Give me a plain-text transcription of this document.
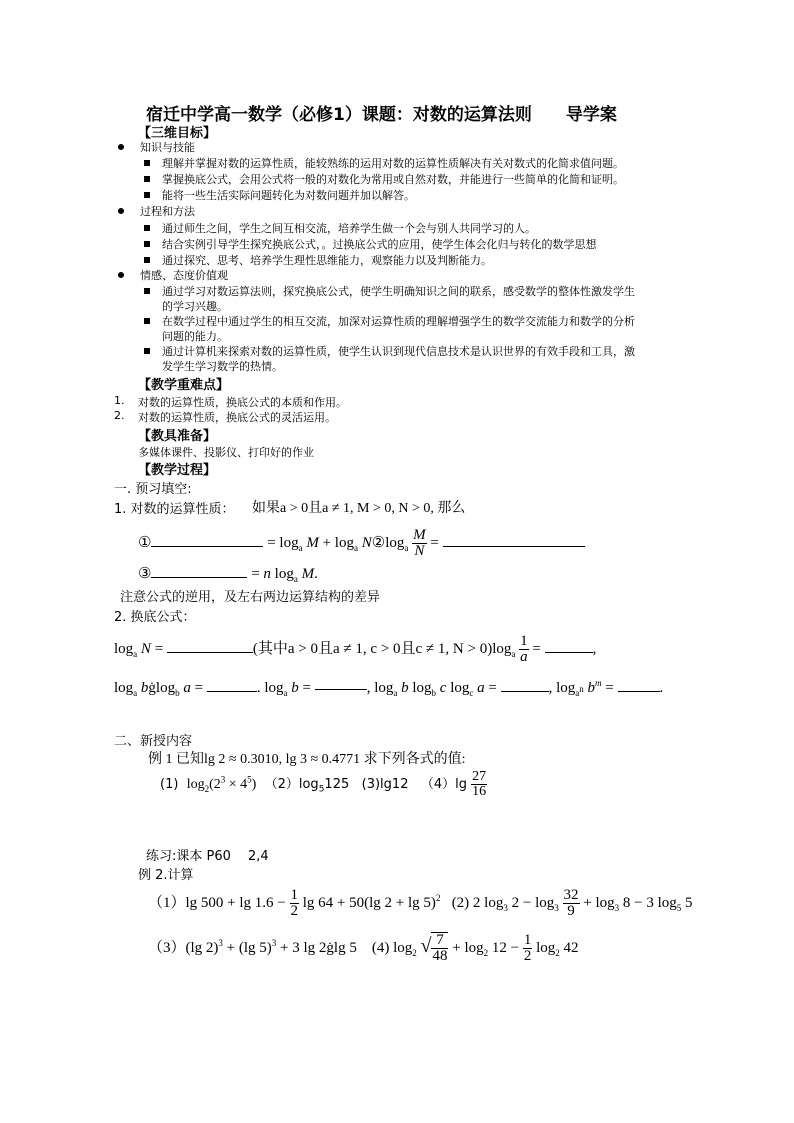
宿迁中学高一数学（必修1）课题：对数的运算法则　　导学案
【三维目标】
知识与技能
理解并掌握对数的运算性质，能较熟练的运用对数的运算性质解决有关对数式的化简求值问题。
掌握换底公式，会用公式将一般的对数化为常用或自然对数，并能进行一些简单的化简和证明。
能将一些生活实际问题转化为对数问题并加以解答。
过程和方法
通过师生之间，学生之间互相交流，培养学生做一个会与别人共同学习的人。
结合实例引导学生探究换底公式，。过换底公式的应用，使学生体会化归与转化的数学思想
通过探究、思考、培养学生理性思维能力，观察能力以及判断能力。
情感、态度价值观
通过学习对数运算法则，探究换底公式，使学生明确知识之间的联系，感受数学的整体性激发学生
的学习兴趣。
在数学过程中通过学生的相互交流，加深对运算性质的理解增强学生的数学交流能力和数学的分析
问题的能力。
通过计算机来探索对数的运算性质，使学生认识到现代信息技术是认识世界的有效手段和工具，激
发学生学习数学的热情。
【教学重难点】
1. 对数的运算性质，换底公式的本质和作用。
2. 对数的运算性质，换底公式的灵活运用。
【教具准备】
多媒体课件、投影仪、打印好的作业
【教学过程】
一. 预习填空:
1. 对数的运算性质： 如果a > 0且a ≠ 1, M > 0, N > 0, 那么
①	= $\log_a M + \log_a$ $N②\log_a \frac{M}{N}$ =
③	= n $\log_a M$.
注意公式的逆用，及左右两边运算结构的差异
2. 换底公式：
$\log_a N$ =	(其中a > 0且a ≠ 1, c > 0且c ≠ 1, $N > 0)\log_a \frac{1}{a}$ =	,
$\log_a$ bġlog$_b$ a =	. $\log_a b$ =	, $\log_a b$ $\log_b c$ $\log_c a$ =	, $\log_{a^n} b^m$ =	.
二、新授内容
例 1 已知lg 2 ≈ 0.3010, lg 3 ≈ 0.4771 求下列各式的值:
(1) $\log_2(2^3 \times 4^5)$ $(2)\log_5125$   (3)lg12 $(4)\lg \frac{27}{16}$
练习:课本 P60　 2,4
例 2.计算
（1）lg $500 + \lg 1.6 - \frac{1}{2}$ lg 64 + 50(lg 2 + lg 5)$^2$   (2) 2 $\log_3 2 - \log_3 \frac{32}{9} + \log_3 8 - 3$ $\log_5 5$
（3）(lg 2)$^3$ + (lg 5)$^3$ + 3 lg 2ġlg 5    (4) $\log_2$ √ $\frac{7}{48} + \log_2 12 - \frac{1}{2} \log_2 42$
